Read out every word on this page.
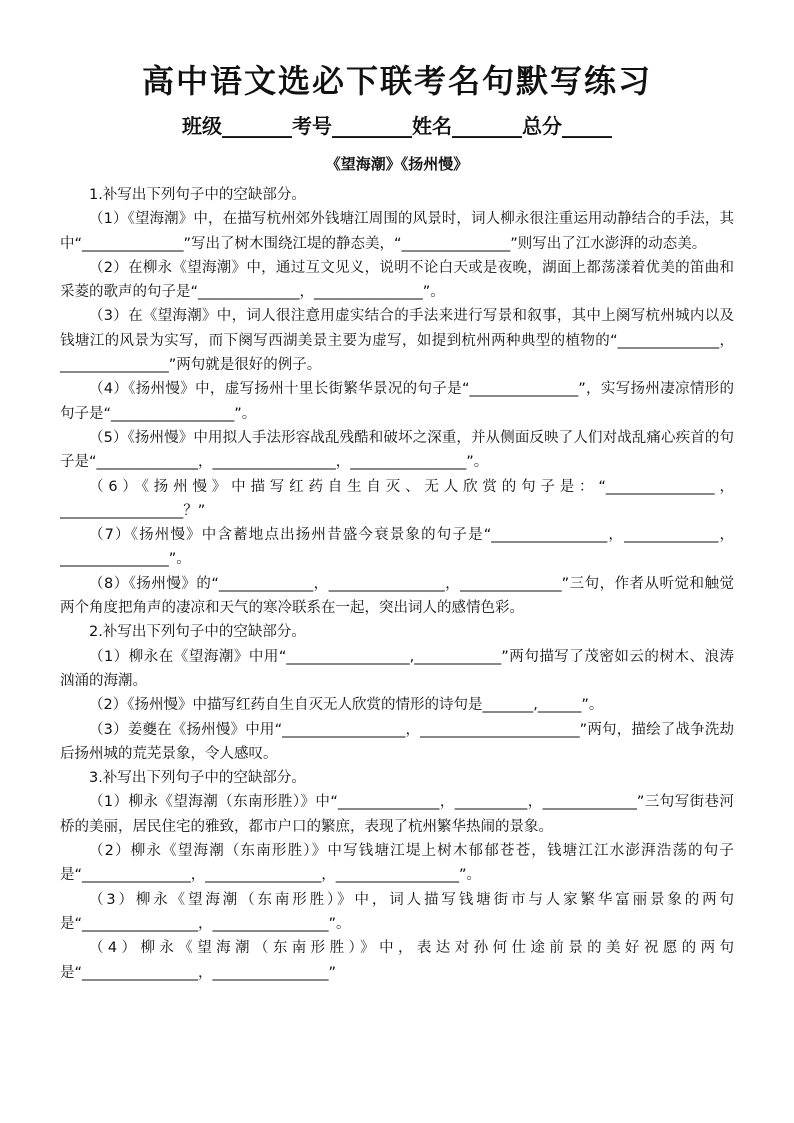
高中语文选必下联考名句默写练习
班级_______考号________姓名_______总分_____
《望海潮》《扬州慢》

1.补写出下列句子中的空缺部分。

（1）《望海潮》中，在描写杭州郊外钱塘江周围的风景时，词人柳永很注重运用动静结合的手法，其中“______________”写出了树木围绕江堤的静态美，“_______________”则写出了江水澎湃的动态美。

（2）在柳永《望海潮》中，通过互文见义，说明不论白天或是夜晚，湖面上都荡漾着优美的笛曲和采菱的歌声的句子是“______________，_______________”。

（3）在《望海潮》中，词人很注意用虚实结合的手法来进行写景和叙事，其中上阕写杭州城内以及钱塘江的风景为实写，而下阕写西湖美景主要为虚写，如提到杭州两种典型的植物的“______________，_______________”两句就是很好的例子。

（4）《扬州慢》中，虚写扬州十里长街繁华景况的句子是“_______________”，实写扬州凄凉情形的句子是“_________________”。

（5）《扬州慢》中用拟人手法形容战乱残酷和破坏之深重，并从侧面反映了人们对战乱痛心疾首的句子是“______________，_________________，________________”。

（6）《扬州慢》中描写红药自生自灭、无人欣赏的句子是：“_______________，_________________？”

（7）《扬州慢》中含蓄地点出扬州昔盛今衰景象的句子是“________________，_____________，_______________”。

（8）《扬州慢》的“_____________，________________，______________”三句，作者从听觉和触觉两个角度把角声的凄凉和天气的寒冷联系在一起，突出词人的感情色彩。

2.补写出下列句子中的空缺部分。

（1）柳永在《望海潮》中用“_________________,____________”两句描写了茂密如云的树木、浪涛汹涌的海潮。

（2）《扬州慢》中描写红药自生自灭无人欣赏的情形的诗句是_______,______”。

（3）姜夔在《扬州慢》中用“_________________，______________________”两句，描绘了战争洗劫后扬州城的荒芜景象，令人感叹。

3.补写出下列句子中的空缺部分。

（1）柳永《望海潮（东南形胜）》中“______________，__________，_____________”三句写街巷河桥的美丽，居民住宅的雅致，都市户口的繁庶，表现了杭州繁华热闹的景象。

（2）柳永《望海潮（东南形胜）》中写钱塘江堤上树木郁郁苍苍，钱塘江江水澎湃浩荡的句子是“_______________，________________，_________________”。

（3）柳永《望海潮（东南形胜）》中，词人描写钱塘街市与人家繁华富丽景象的两句是“________________，________________”。

（4）柳永《望海潮（东南形胜）》中，表达对孙何仕途前景的美好祝愿的两句是“________________，________________”
